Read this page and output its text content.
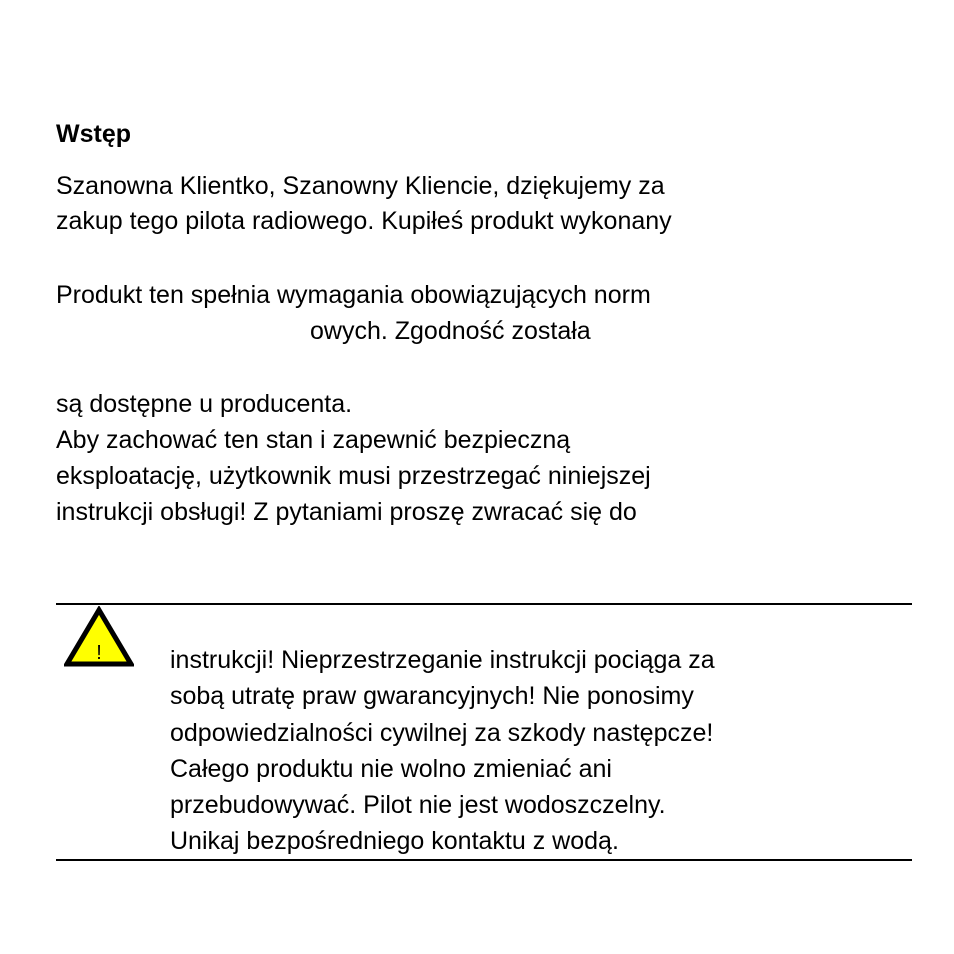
Wstęp
Szanowna Klientko, Szanowny Kliencie, dziękujemy za
zakup tego pilota radiowego. Kupiłeś produkt wykonany
Produkt ten spełnia wymagania obowiązujących norm
owych. Zgodność została
są dostępne u producenta.
Aby zachować ten stan i zapewnić bezpieczną
eksploatację, użytkownik musi przestrzegać niniejszej
instrukcji obsługi! Z pytaniami proszę zwracać się do
!	instrukcji! Nieprzestrzeganie instrukcji pociąga za
sobą utratę praw gwarancyjnych! Nie ponosimy
odpowiedzialności cywilnej za szkody następcze!
Całego produktu nie wolno zmieniać ani
przebudowywać. Pilot nie jest wodoszczelny.
Unikaj bezpośredniego kontaktu z wodą.
